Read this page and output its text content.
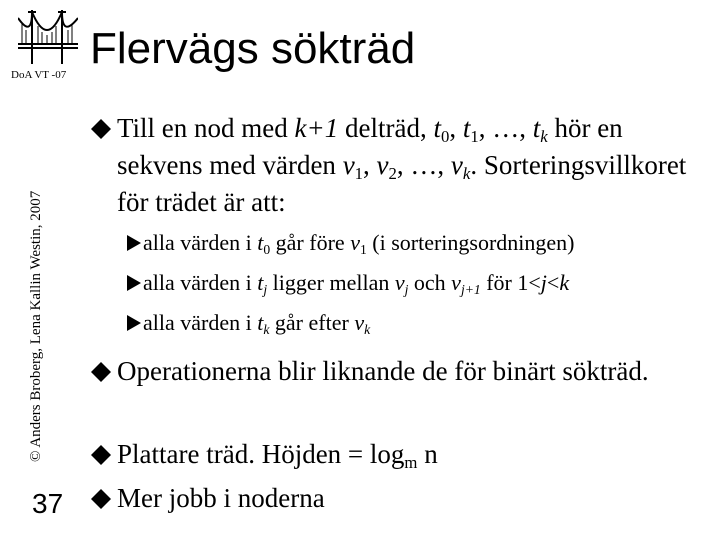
DoA VT -07
© Anders Broberg, Lena Kallin Westin, 2007
37
Flervägs sökträd
Till en nod med k+1 delträd, $t_0$, $t_1$, …, $t_k$ hör en sekvens med värden $v_1$, $v_2$, …, $v_k$. Sorteringsvillkoret för trädet är att:
alla värden i $t_0$ går före $v_1$ (i sorteringsordningen)
alla värden i $t_j$ ligger mellan $v_j$ och $v_{j+1}$ för 1<j<k
alla värden i $t_k$ går efter $v_k$
Operationerna blir liknande de för binärt sökträd.
Plattare träd. Höjden = $\log_m n$
Mer jobb i noderna
